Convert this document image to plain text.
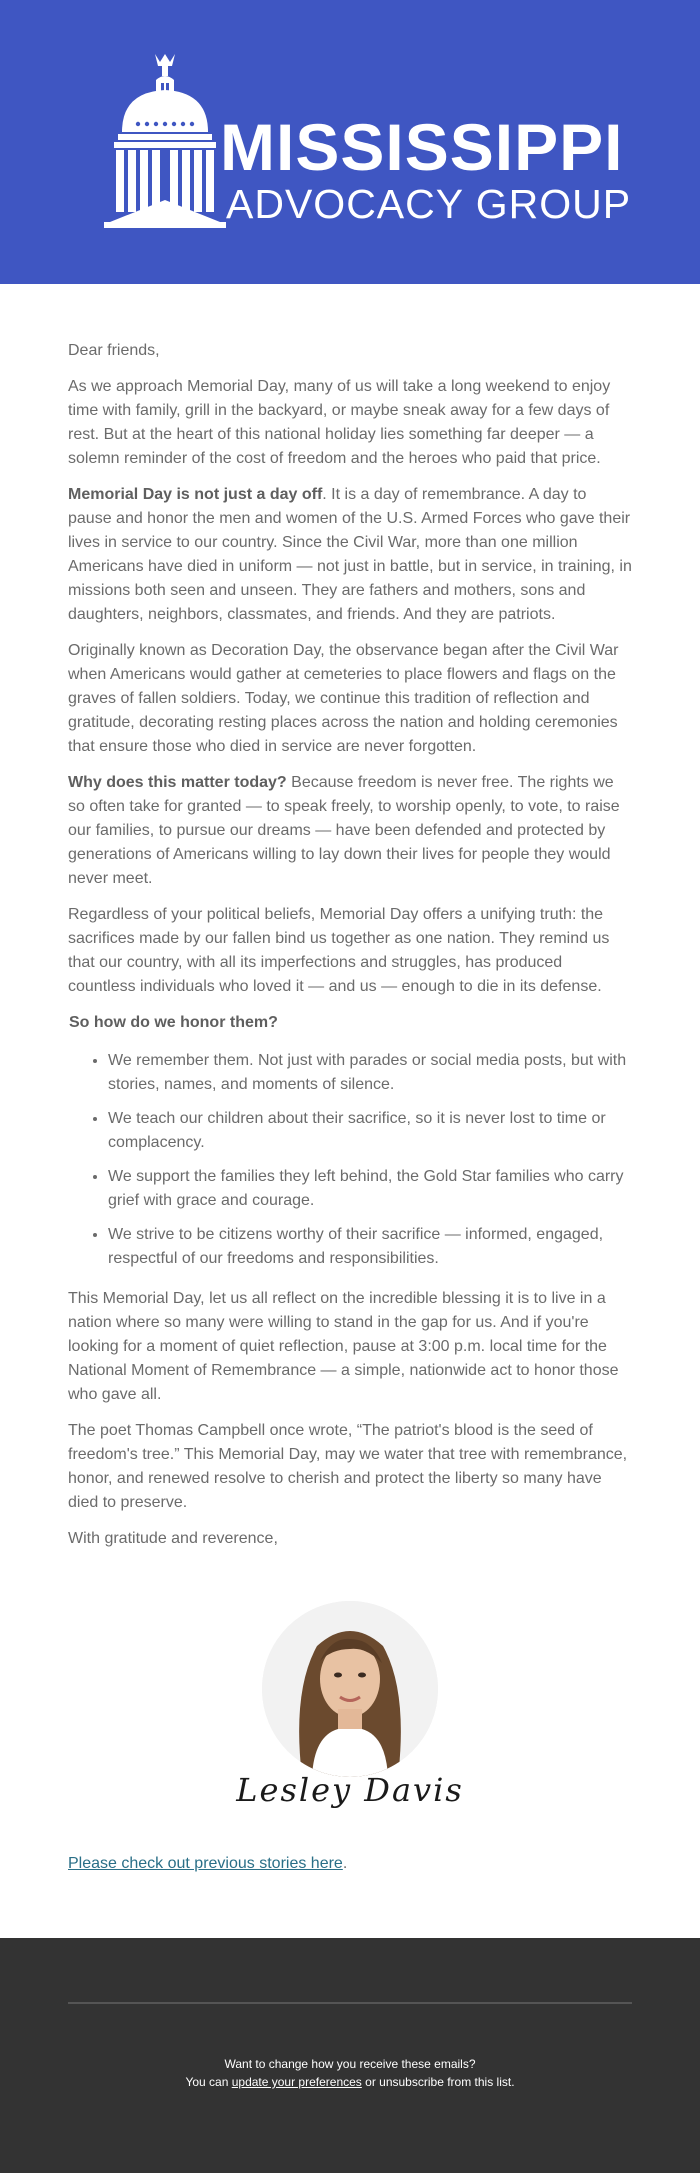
MISSISSIPPI
ADVOCACY GROUP

Dear friends,

As we approach Memorial Day, many of us will take a long weekend to enjoy time with family, grill in the backyard, or maybe sneak away for a few days of rest. But at the heart of this national holiday lies something far deeper — a solemn reminder of the cost of freedom and the heroes who paid that price.

Memorial Day is not just a day off. It is a day of remembrance. A day to pause and honor the men and women of the U.S. Armed Forces who gave their lives in service to our country. Since the Civil War, more than one million Americans have died in uniform — not just in battle, but in service, in training, in missions both seen and unseen. They are fathers and mothers, sons and daughters, neighbors, classmates, and friends. And they are patriots.

Originally known as Decoration Day, the observance began after the Civil War when Americans would gather at cemeteries to place flowers and flags on the graves of fallen soldiers. Today, we continue this tradition of reflection and gratitude, decorating resting places across the nation and holding ceremonies that ensure those who died in service are never forgotten.

Why does this matter today? Because freedom is never free. The rights we so often take for granted — to speak freely, to worship openly, to vote, to raise our families, to pursue our dreams — have been defended and protected by generations of Americans willing to lay down their lives for people they would never meet.

Regardless of your political beliefs, Memorial Day offers a unifying truth: the sacrifices made by our fallen bind us together as one nation. They remind us that our country, with all its imperfections and struggles, has produced countless individuals who loved it — and us — enough to die in its defense.

So how do we honor them?
• We remember them. Not just with parades or social media posts, but with stories, names, and moments of silence.
• We teach our children about their sacrifice, so it is never lost to time or complacency.
• We support the families they left behind, the Gold Star families who carry grief with grace and courage.
• We strive to be citizens worthy of their sacrifice — informed, engaged, respectful of our freedoms and responsibilities.

This Memorial Day, let us all reflect on the incredible blessing it is to live in a nation where so many were willing to stand in the gap for us. And if you're looking for a moment of quiet reflection, pause at 3:00 p.m. local time for the National Moment of Remembrance — a simple, nationwide act to honor those who gave all.

The poet Thomas Campbell once wrote, “The patriot's blood is the seed of freedom's tree.” This Memorial Day, may we water that tree with remembrance, honor, and renewed resolve to cherish and protect the liberty so many have died to preserve.

With gratitude and reverence,

Lesley Davis
Please check out previous stories here.
Want to change how you receive these emails?
You can update your preferences or unsubscribe from this list.
